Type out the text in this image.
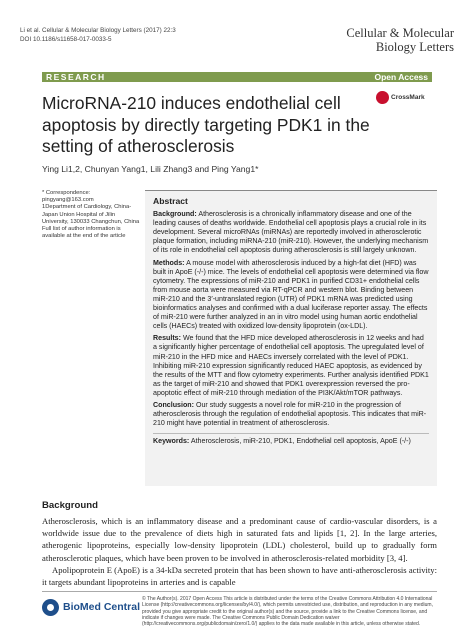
Li et al. Cellular & Molecular Biology Letters (2017) 22:3
DOI 10.1186/s11658-017-0033-5	Cellular & Molecular
Biology Letters
RESEARCH	Open Access
MicroRNA-210 induces endothelial cell apoptosis by directly targeting PDK1 in the setting of atherosclerosis
CrossMark
Ying Li1,2, Chunyan Yang1, Lili Zhang3 and Ping Yang1*
* Correspondence:
pingyang@163.com
1Department of Cardiology, China-Japan Union Hospital of Jilin University, 130033 Changchun, China
Full list of author information is available at the end of the article
Abstract

Background: Atherosclerosis is a chronically inflammatory disease and one of the leading causes of deaths worldwide. Endothelial cell apoptosis plays a crucial role in its development. Several microRNAs (miRNAs) are reportedly involved in atherosclerotic plaque formation, including miRNA-210 (miR-210). However, the underlying mechanism of its role in endothelial cell apoptosis during atherosclerosis is still largely unknown.

Methods: A mouse model with atherosclerosis induced by a high-fat diet (HFD) was built in ApoE (-/-) mice. The levels of endothelial cell apoptosis were determined via flow cytometry. The expressions of miR-210 and PDK1 in purified CD31+ endothelial cells from mouse aorta were measured via RT-qPCR and western blot. Binding between miR-210 and the 3′-untranslated region (UTR) of PDK1 mRNA was predicted using bioinformatics analyses and confirmed with a dual luciferase reporter assay. The effects of miR-210 were further analyzed in an in vitro model using human aortic endothelial cells (HAECs) treated with oxidized low-density lipoprotein (ox-LDL).

Results: We found that the HFD mice developed atherosclerosis in 12 weeks and had a significantly higher percentage of endothelial cell apoptosis. The upregulated level of miR-210 in the HFD mice and HAECs inversely correlated with the level of PDK1. Inhibiting miR-210 expression significantly reduced HAEC apoptosis, as evidenced by the results of the MTT and flow cytometry experiments. Further analysis identified PDK1 as the target of miR-210 and showed that PDK1 overexpression reversed the pro-apoptotic effect of miR-210 through mediation of the PI3K/Akt/mTOR pathways.

Conclusion: Our study suggests a novel role for miR-210 in the progression of atherosclerosis through the regulation of endothelial apoptosis. This indicates that miR-210 might have potential in treatment of atherosclerosis.

Keywords: Atherosclerosis, miR-210, PDK1, Endothelial cell apoptosis, ApoE (-/-)

Background

Atherosclerosis, which is an inflammatory disease and a predominant cause of cardio-vascular disorders, is a worldwide issue due to the prevalence of diets high in saturated fats and lipids [1, 2]. In the large arteries, atherogenic lipoproteins, especially low-density lipoprotein (LDL) cholesterol, build up to gradually form atherosclerotic plaques, which have been proven to be involved in atherosclerosis-related morbidity [3, 4].

Apolipoprotein E (ApoE) is a 34-kDa secreted protein that has been shown to have anti-atherosclerosis activity: it targets abundant lipoproteins in arteries and is capable

BioMed Central
© The Author(s). 2017 Open Access This article is distributed under the terms of the Creative Commons Attribution 4.0 International License (http://creativecommons.org/licenses/by/4.0/), which permits unrestricted use, distribution, and reproduction in any medium, provided you give appropriate credit to the original author(s) and the source, provide a link to the Creative Commons license, and indicate if changes were made. The Creative Commons Public Domain Dedication waiver (http://creativecommons.org/publicdomain/zero/1.0/) applies to the data made available in this article, unless otherwise stated.
